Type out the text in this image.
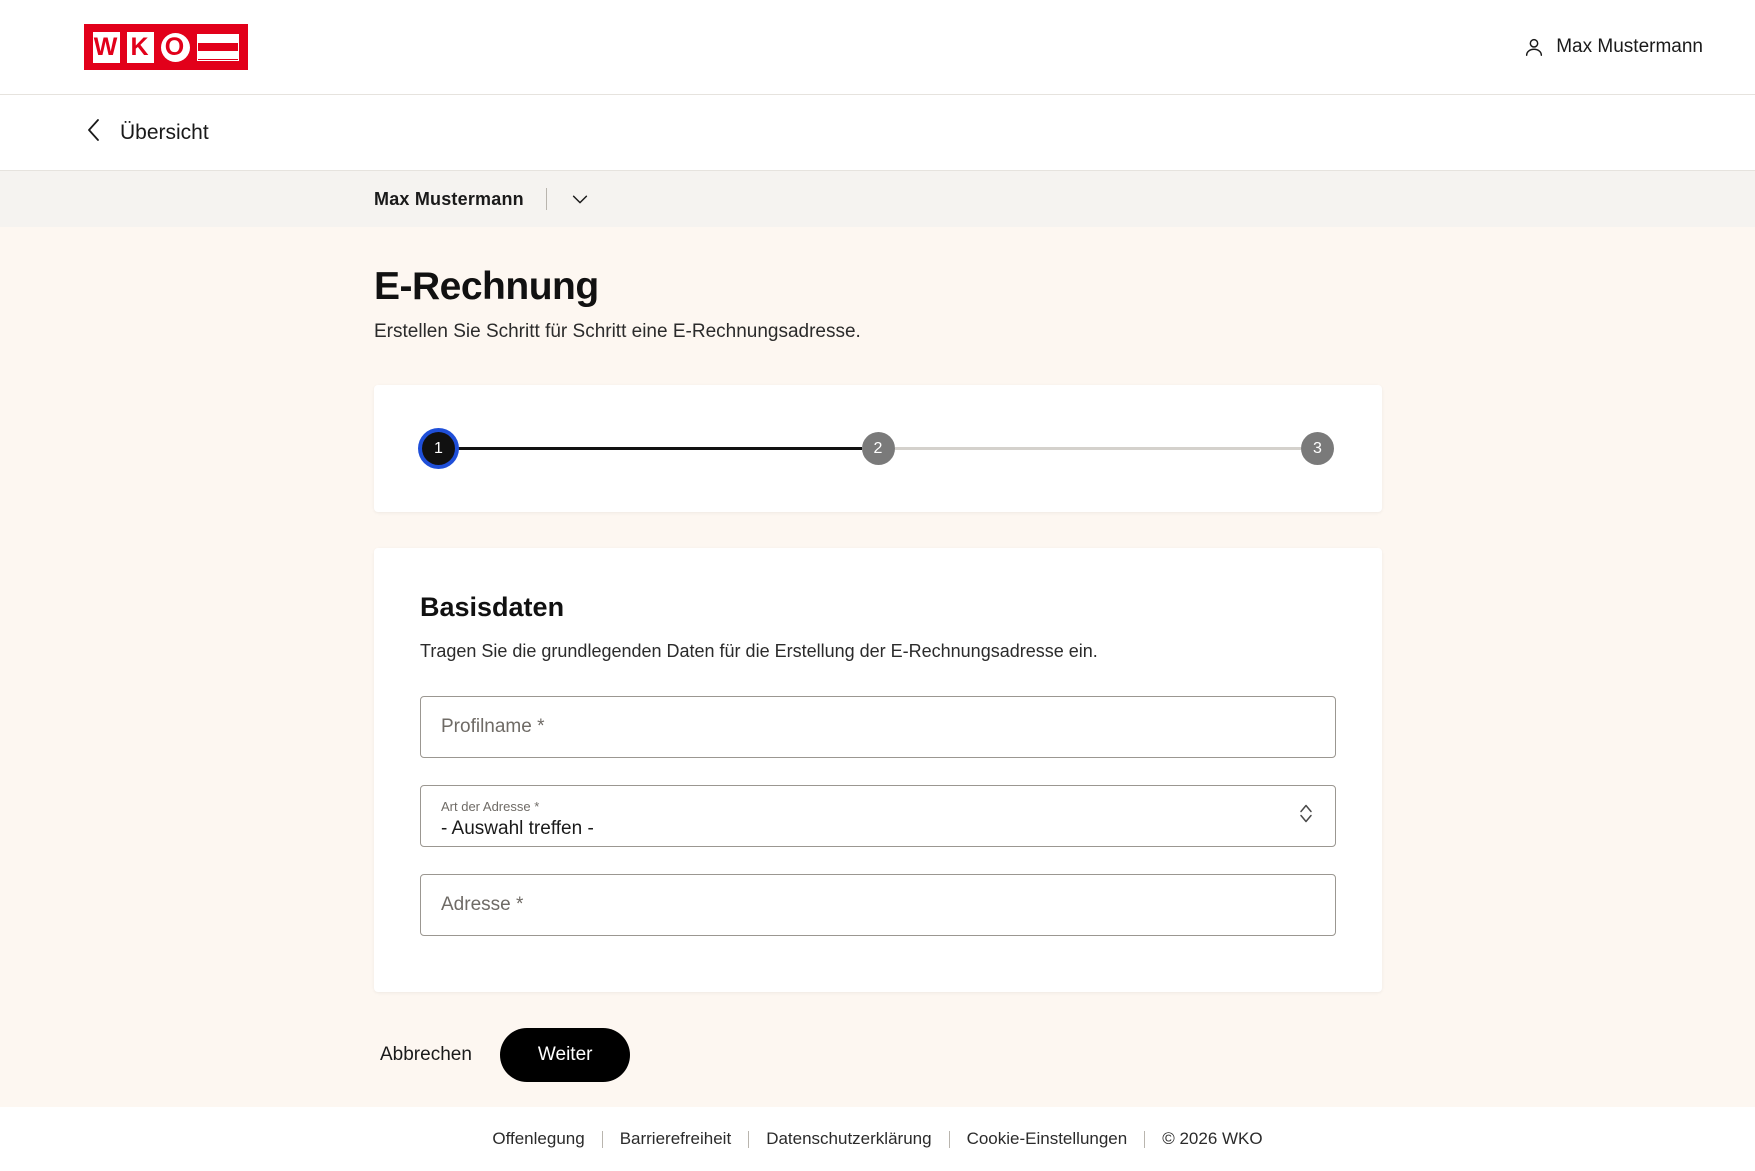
W K O	Max Mustermann
Übersicht
Max Mustermann
E-Rechnung

Erstellen Sie Schritt für Schritt eine E-Rechnungsadresse.

1	2	3
Basisdaten

Tragen Sie die grundlegenden Daten für die Erstellung der E-Rechnungsadresse ein.

Profilname *
Art der Adresse *
- Auswahl treffen -
Adresse *
Abbrechen	Weiter
Offenlegung Barrierefreiheit Datenschutzerklärung Cookie-Einstellungen © 2026 WKO
